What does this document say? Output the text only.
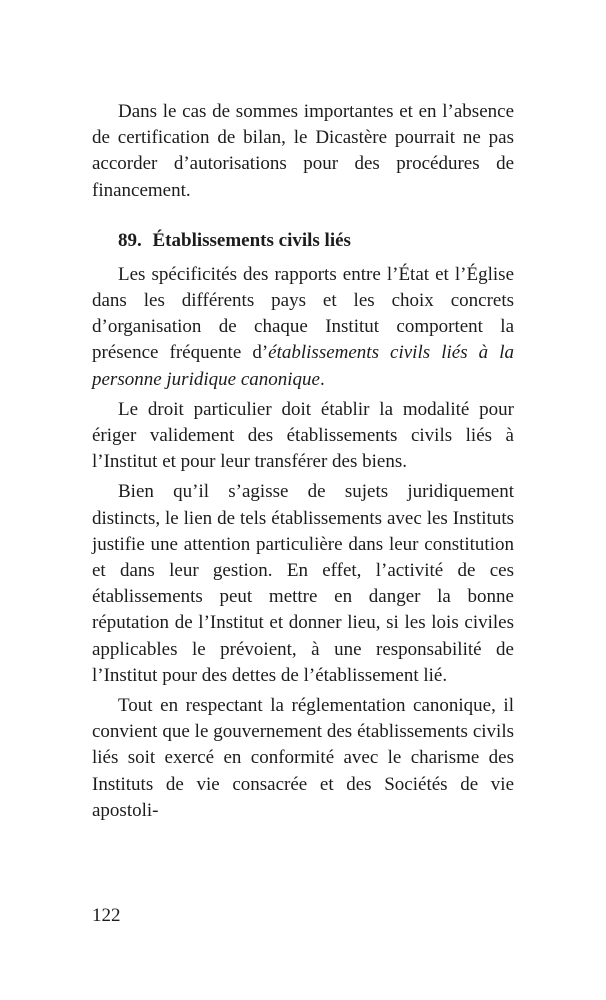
Dans le cas de sommes importantes et en l’absence de certification de bilan, le Dicastère pourrait ne pas accorder d’autorisations pour des procédures de financement.

89. Établissements civils liés

Les spécificités des rapports entre l’État et l’Église dans les différents pays et les choix concrets d’organisation de chaque Institut comportent la présence fréquente d’établissements civils liés à la personne juridique canonique.

Le droit particulier doit établir la modalité pour ériger validement des établissements civils liés à l’Institut et pour leur transférer des biens.

Bien qu’il s’agisse de sujets juridiquement distincts, le lien de tels établissements avec les Instituts justifie une attention particulière dans leur constitution et dans leur gestion. En effet, l’activité de ces établissements peut mettre en danger la bonne réputation de l’Institut et donner lieu, si les lois civiles applicables le prévoient, à une responsabilité de l’Institut pour des dettes de l’établissement lié.

Tout en respectant la réglementation canonique, il convient que le gouvernement des établissements civils liés soit exercé en conformité avec le charisme des Instituts de vie consacrée et des Sociétés de vie apostoli-

122
